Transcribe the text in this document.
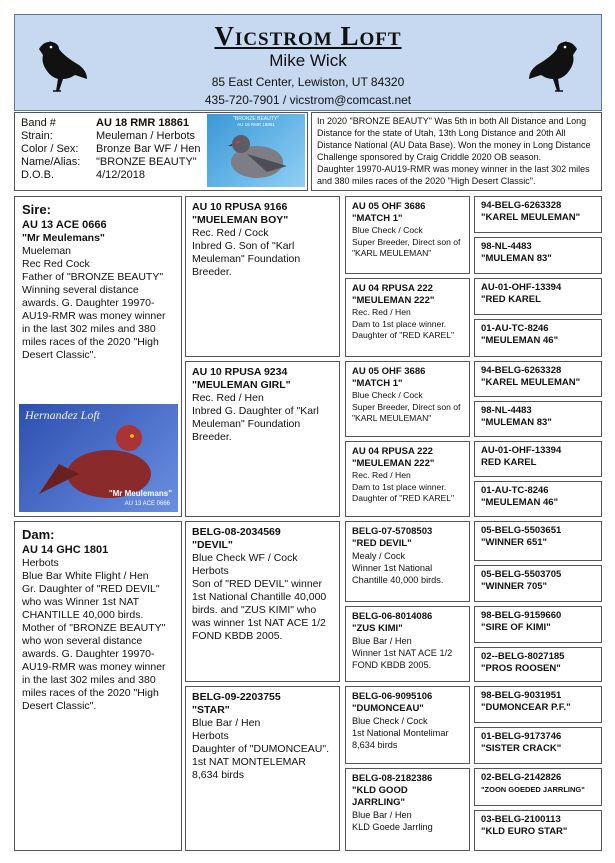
Vicstrom Loft
Mike Wick
85 East Center, Lewiston, UT 84320
435-720-7901 / vicstrom@comcast.net
Band #	AU 18 RMR 18861
Strain:	Meuleman / Herbots
Color / Sex:	Bronze Bar WF / Hen
Name/Alias:	"BRONZE BEAUTY"
D.O.B.	4/12/2018
"BRONZE BEAUTY"
AU 18 RMR 18861	In 2020 "BRONZE BEAUTY" Was 5th in both All Distance and Long Distance for the state of Utah, 13th Long Distance and 20th All Distance National (AU Data Base). Won the money in Long Distance Challenge sponsored by Craig Criddle 2020 OB season.
Daughter 19970-AU19-RMR was money winner in the last 302 miles and 380 miles races of the 2020 "High Desert Classic".
Sire:
AU 13 ACE 0666
"Mr Meulemans"
Mueleman
Rec Red Cock
Father of "BRONZE BEAUTY" Winning several distance awards. G. Daughter 19970-AU19-RMR was money winner in the last 302 miles and 380 miles races of the 2020 "High Desert Classic".
Hernandez Loft
"Mr Meulemans"
AU 13 ACE 0666
Dam:
AU 14 GHC 1801
Herbots
Blue Bar White Flight / Hen
Gr. Daughter of "RED DEVIL" who was Winner 1st NAT CHANTILLE 40,000 birds.
Mother of "BRONZE BEAUTY" who won several distance awards. G. Daughter 19970-AU19-RMR was money winner in the last 302 miles and 380 miles races of the 2020 "High Desert Classic".
AU 10 RPUSA 9166
"MUELEMAN BOY"
Rec. Red / Cock
Inbred G. Son of "Karl Meuleman" Foundation Breeder.
AU 10 RPUSA 9234
"MEULEMAN GIRL"
Rec. Red / Hen
Inbred G. Daughter of "Karl Meuleman" Foundation Breeder.
BELG-08-2034569
"DEVIL"
Blue Check WF / Cock
Herbots
Son of "RED DEVIL" winner 1st National Chantille 40,000 birds. and "ZUS KIMI" who was winner 1st NAT ACE 1/2 FOND KBDB 2005.
BELG-09-2203755
"STAR"
Blue Bar / Hen
Herbots
Daughter of "DUMONCEAU". 1st NAT MONTELEMAR 8,634 birds
AU 05 OHF 3686
"MATCH 1"
Blue Check / Cock
Super Breeder, Direct son of "KARL MEULEMAN"
AU 04 RPUSA 222
"MEULEMAN 222"
Rec. Red / Hen
Dam to 1st place winner. Daughter of "RED KAREL"
AU 05 OHF 3686
"MATCH 1"
Blue Check / Cock
Super Breeder, Direct son of "KARL MEULEMAN"
AU 04 RPUSA 222
"MEULEMAN 222"
Rec. Red / Hen
Dam to 1st place winner. Daughter of "RED KAREL"
BELG-07-5708503
"RED DEVIL"
Mealy / Cock
Winner 1st National Chantille 40,000 birds.
BELG-06-8014086
"ZUS KIMI"
Blue Bar / Hen
Winner 1st NAT ACE 1/2 FOND KBDB 2005.
BELG-06-9095106
"DUMONCEAU"
Blue Check / Cock
1st National Montelimar 8,634 birds
BELG-08-2182386
"KLD GOOD JARRLING"
Blue Bar / Hen
KLD Goede Jarrling
94-BELG-6263328
"KAREL MEULEMAN"
98-NL-4483
"MULEMAN 83"
AU-01-OHF-13394
"RED KAREL
01-AU-TC-8246
"MEULEMAN 46"
94-BELG-6263328
"KAREL MEULEMAN"
98-NL-4483
"MULEMAN 83"
AU-01-OHF-13394
RED KAREL
01-AU-TC-8246
"MEULEMAN 46"
05-BELG-5503651
"WINNER 651"
05-BELG-5503705
"WINNER 705"
98-BELG-9159660
"SIRE OF KIMI"
02--BELG-8027185
"PROS ROOSEN"
98-BELG-9031951
"DUMONCEAR P.F."
01-BELG-9173746
"SISTER CRACK"
02-BELG-2142826
"ZOON GOEDED JARRLING"
03-BELG-2100113
"KLD EURO STAR"
